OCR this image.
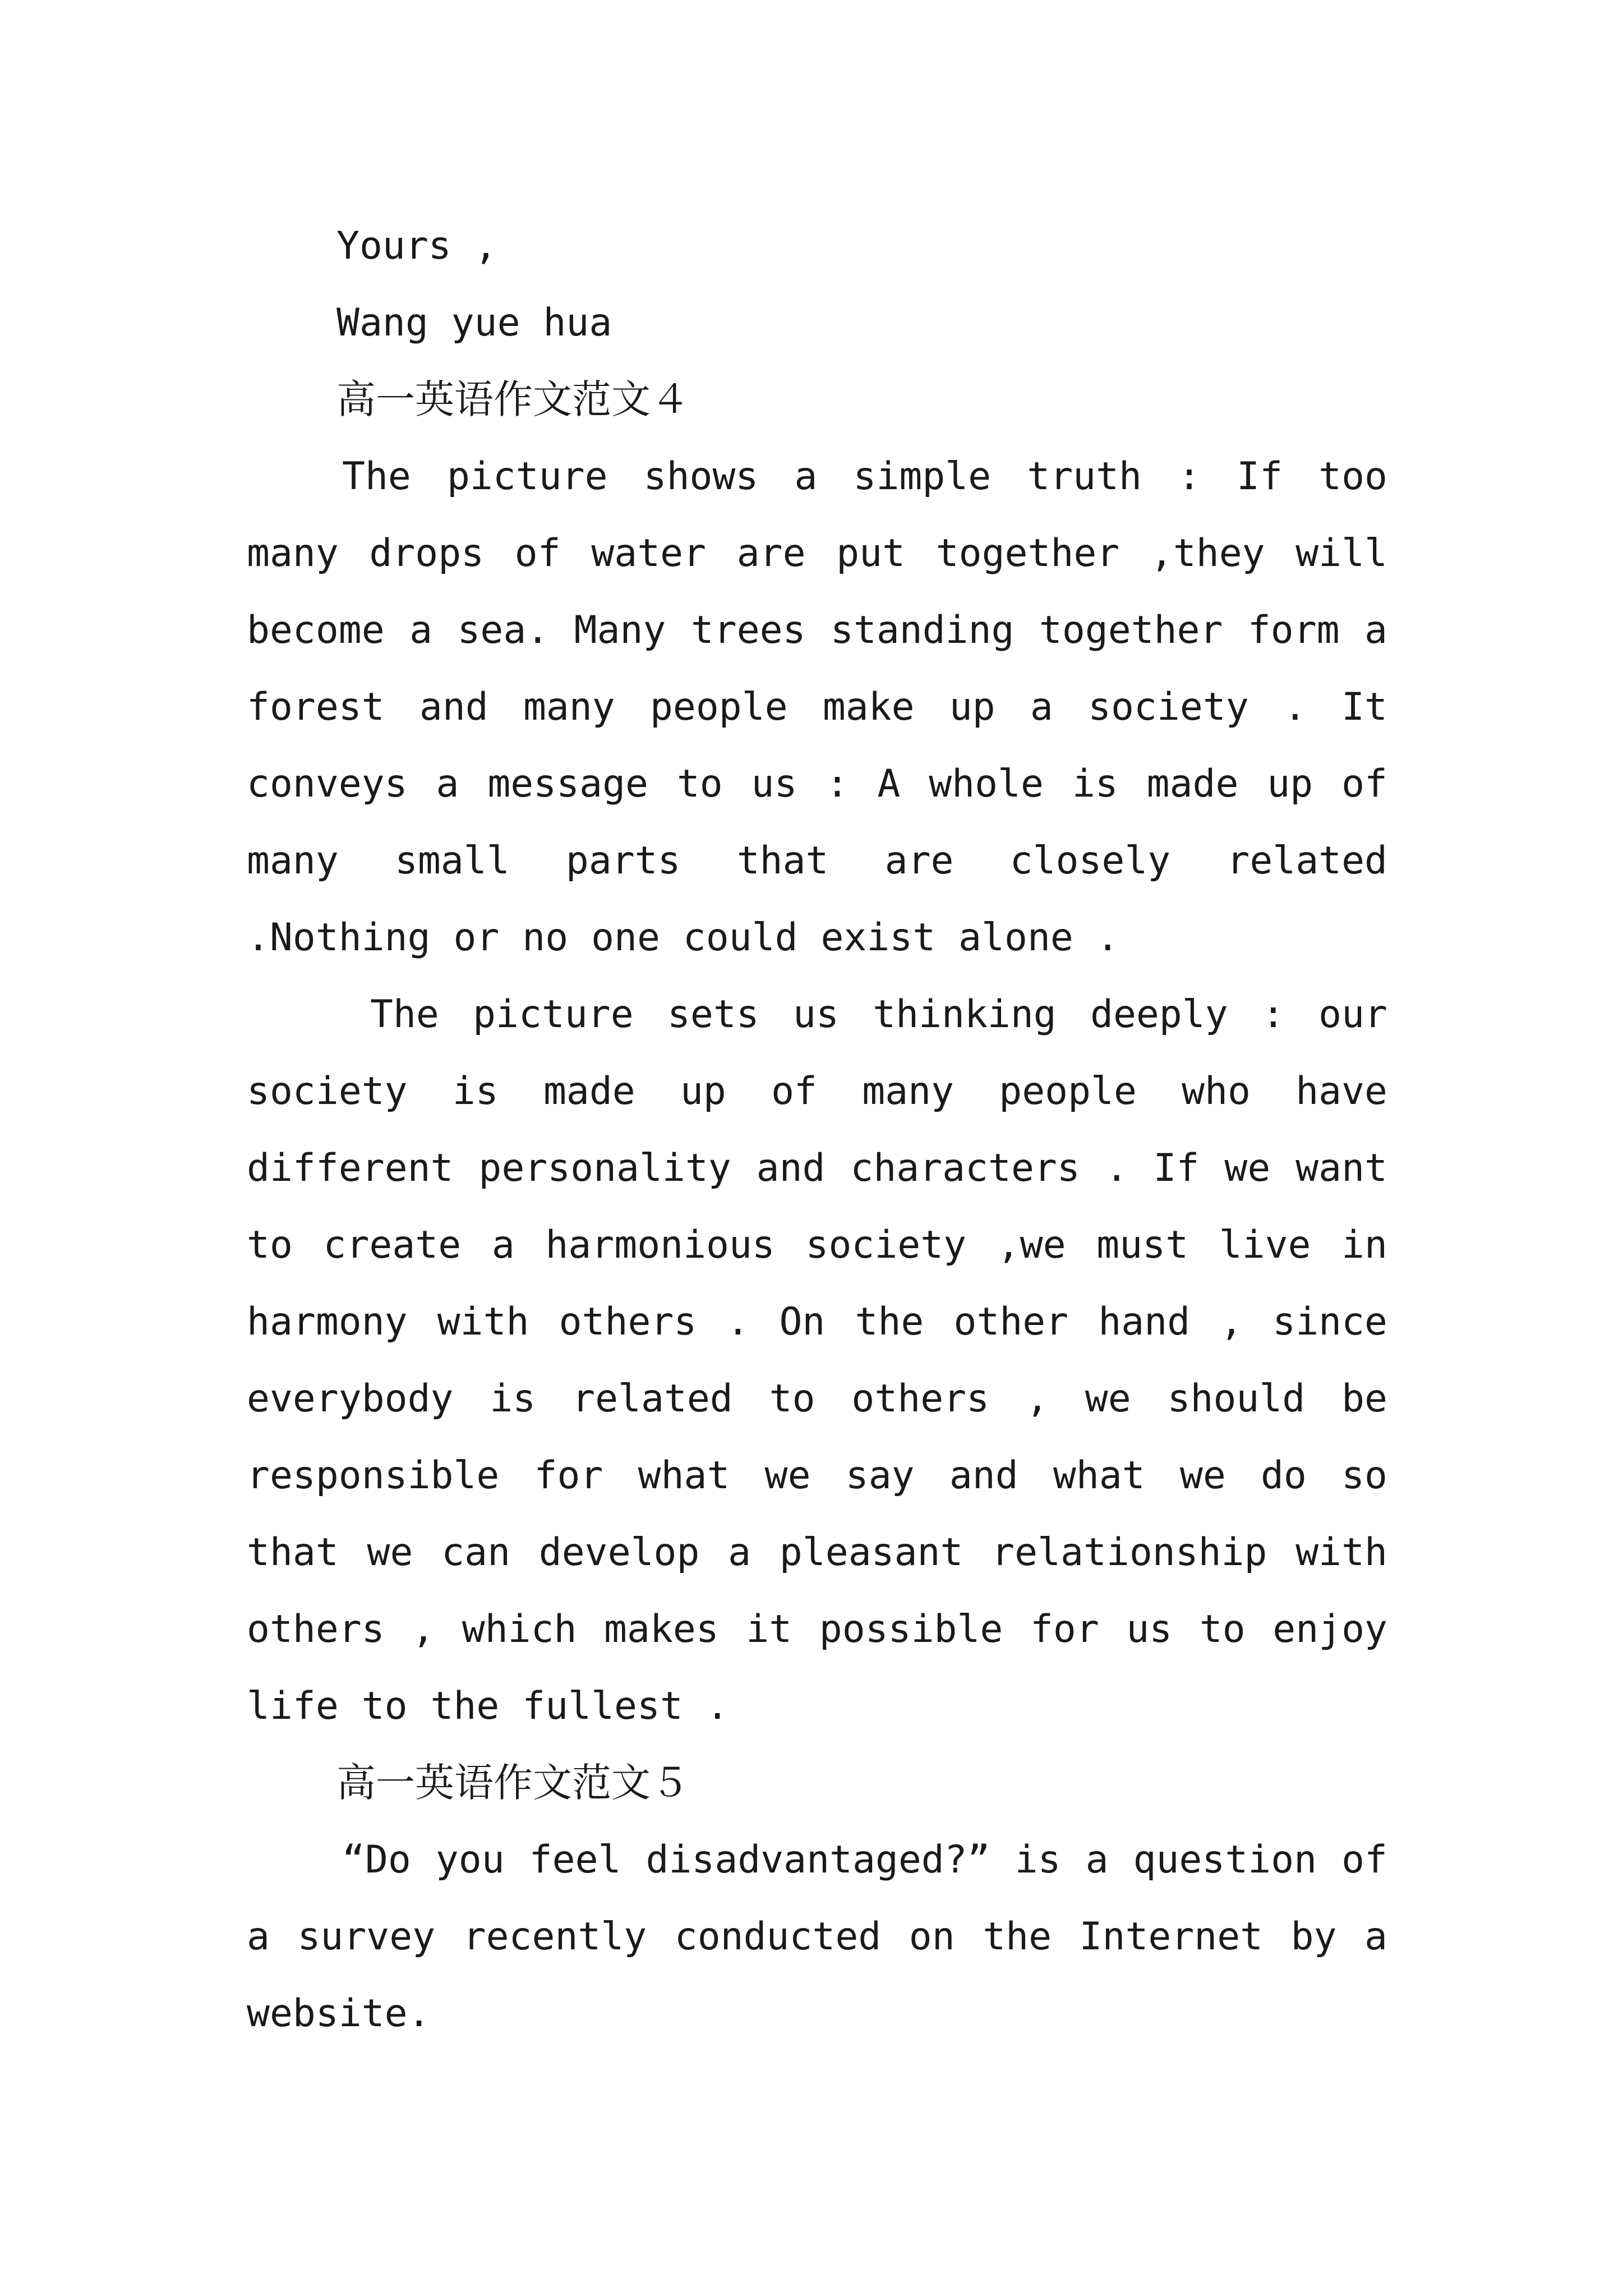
Yours ,
Wang yue hua
高一英语作文范文４

The picture shows a simple truth : If too many drops of water are put together ,they will become a sea. Many trees standing together form a forest and many people make up a society . It conveys a message to us : A whole is made up of many small parts that are closely related .Nothing or no one could exist alone .

The picture sets us thinking deeply : our society is made up of many people who have different personality and characters . If we want to create a harmonious society ,we must live in harmony with others . On the other hand , since everybody is related to others , we should be responsible for what we say and what we do so that we can develop a pleasant relationship with others , which makes it possible for us to enjoy life to the fullest .

高一英语作文范文５

“Do you feel disadvantaged?” is a question of a survey recently conducted on the Internet by a website.
